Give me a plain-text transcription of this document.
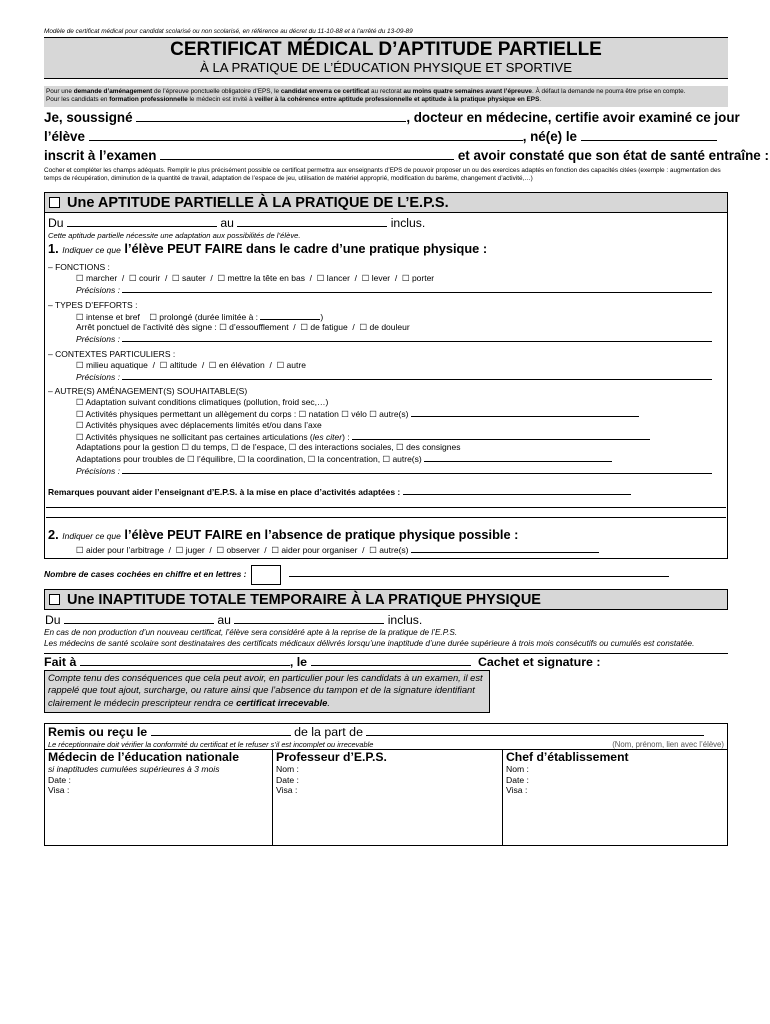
Modèle de certificat médical pour candidat scolarisé ou non scolarisé, en référence au décret du 11-10-88 et à l’arrêté du 13-09-89
CERTIFICAT MÉDICAL D’APTITUDE PARTIELLE
À LA PRATIQUE DE L’ÉDUCATION PHYSIQUE ET SPORTIVE
Pour une demande d’aménagement de l’épreuve ponctuelle obligatoire d’EPS, le candidat enverra ce certificat au rectorat au moins quatre semaines avant l’épreuve. À défaut la demande ne pourra être prise en compte.
Pour les candidats en formation professionnelle le médecin est invité à veiller à la cohérence entre aptitude professionnelle et aptitude à la pratique physique en EPS.
Je, soussigné	, docteur en médecine, certifie avoir examiné ce jour
l’élève	, né(e) le
inscrit à l’examen	et avoir constaté que son état de santé entraîne :
Cocher et compléter les champs adéquats. Remplir le plus précisément possible ce certificat permettra aux enseignants d’EPS de pouvoir proposer un ou des exercices adaptés en fonction des capacités citées (exemple : augmentation des temps de récupération, diminution de la quantité de travail, adaptation de l’espace de jeu, utilisation de matériel approprié, modification du barème, changement d’activité,…)
Une APTITUDE PARTIELLE À LA PRATIQUE DE L’E.P.S.
Du	au	inclus.
Cette aptitude partielle nécessite une adaptation aux possibilités de l’élève.
1. Indiquer ce que l’élève PEUT FAIRE dans le cadre d’une pratique physique :
– FONCTIONS :
☐ marcher  /  ☐ courir  /  ☐ sauter  /  ☐ mettre la tête en bas  /  ☐ lancer  /  ☐ lever  /  ☐ porter
Précisions :
– TYPES D’EFFORTS :
☐ intense et bref ☐ prolongé (durée limitée à :	)
Arrêt ponctuel de l’activité dès signe : ☐ d’essoufflement  /  ☐ de fatigue  /  ☐ de douleur
Précisions :
– CONTEXTES PARTICULIERS :
☐ milieu aquatique  /  ☐ altitude  /  ☐ en élévation  /  ☐ autre
Précisions :
– AUTRE(S) AMÉNAGEMENT(S) SOUHAITABLE(S)
☐ Adaptation suivant conditions climatiques (pollution, froid sec,…)
☐ Activités physiques permettant un allègement du corps : ☐ natation ☐ vélo ☐ autre(s)
☐ Activités physiques avec déplacements limités et/ou dans l’axe
☐ Activités physiques ne sollicitant pas certaines articulations (les citer) :
Adaptations pour la gestion ☐ du temps, ☐ de l’espace, ☐ des interactions sociales, ☐ des consignes
Adaptations pour troubles de ☐ l’équilibre, ☐ la coordination, ☐ la concentration, ☐ autre(s)
Précisions :
Remarques pouvant aider l’enseignant d’E.P.S. à la mise en place d’activités adaptées :
2. Indiquer ce que l’élève PEUT FAIRE en l’absence de pratique physique possible :
☐ aider pour l’arbitrage  /  ☐ juger  /  ☐ observer  /  ☐ aider pour organiser  /  ☐ autre(s)
Nombre de cases cochées en chiffre et en lettres :
Une INAPTITUDE TOTALE TEMPORAIRE À LA PRATIQUE PHYSIQUE
Du	au	inclus.
En cas de non production d’un nouveau certificat, l’élève sera considéré apte à la reprise de la pratique de l’E.P.S.
Les médecins de santé scolaire sont destinataires des certificats médicaux délivrés lorsqu’une inaptitude d’une durée supérieure à trois mois consécutifs ou cumulés est constatée.
Fait à	, le	Cachet et signature :
Compte tenu des conséquences que cela peut avoir, en particulier pour les candidats à un examen, il est rappelé que tout ajout, surcharge, ou rature ainsi que l’absence du tampon et de la signature identifiant clairement le médecin prescripteur rendra ce certificat irrecevable.
Remis ou reçu le	de la part de
Le réceptionnaire doit vérifier la conformité du certificat et le refuser s’il est incomplet ou irrecevable	(Nom, prénom, lien avec l’élève)
Médecin de l’éducation nationale
si inaptitudes cumulées supérieures à 3 mois
Date :
Visa :
Professeur d’E.P.S.
Nom :
Date :
Visa :
Chef d’établissement
Nom :
Date :
Visa :
